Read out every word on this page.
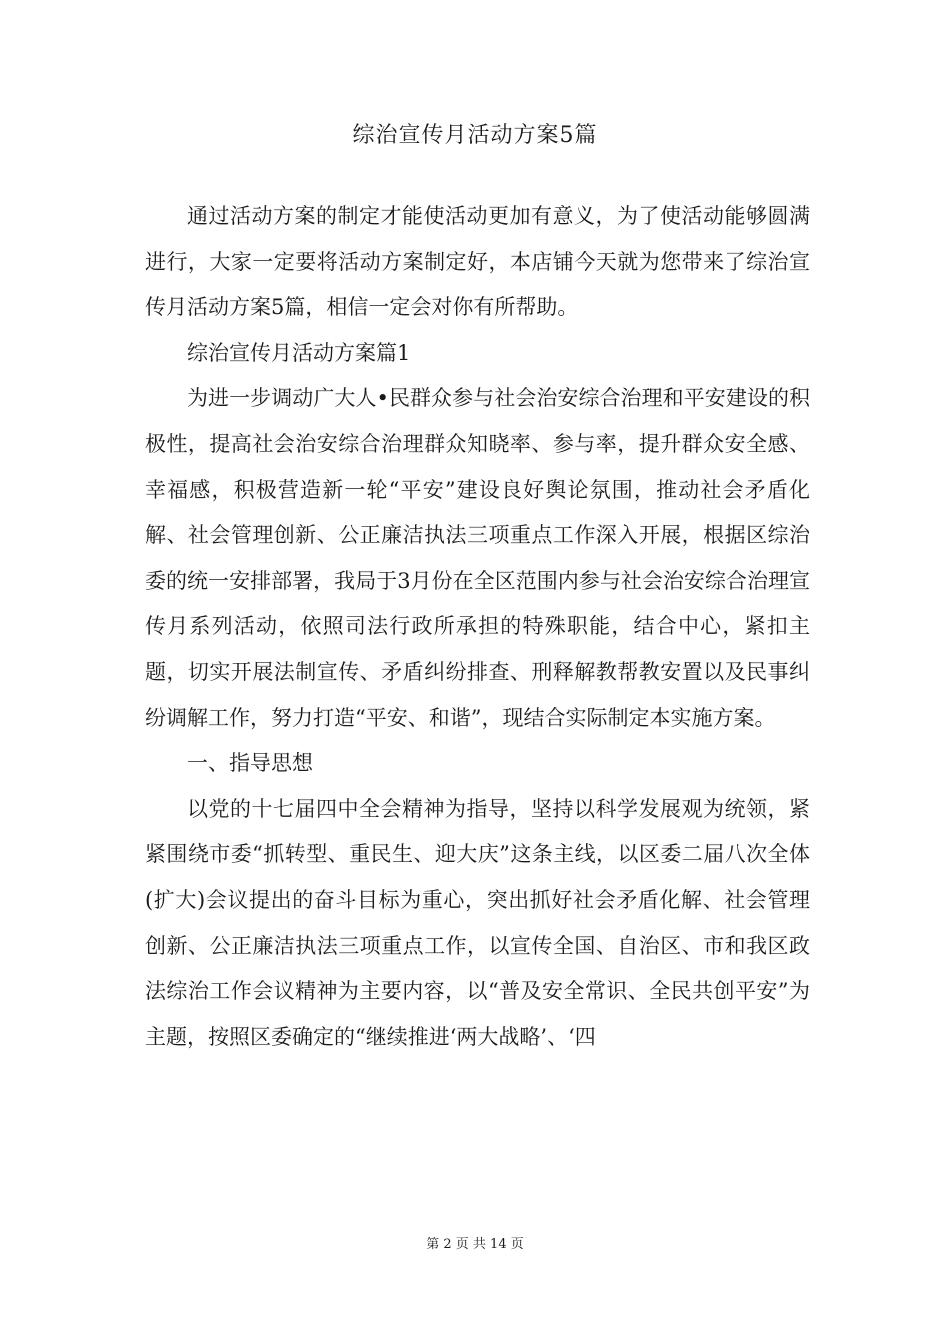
综治宣传月活动方案5篇

通过活动方案的制定才能使活动更加有意义，为了使活动能够圆满进行，大家一定要将活动方案制定好，本店铺今天就为您带来了综治宣传月活动方案5篇，相信一定会对你有所帮助。

综治宣传月活动方案篇1

为进一步调动广大人•民群众参与社会治安综合治理和平安建设的积极性，提高社会治安综合治理群众知晓率、参与率，提升群众安全感、幸福感，积极营造新一轮“平安”建设良好舆论氛围，推动社会矛盾化解、社会管理创新、公正廉洁执法三项重点工作深入开展，根据区综治委的统一安排部署，我局于3月份在全区范围内参与社会治安综合治理宣传月系列活动，依照司法行政所承担的特殊职能，结合中心，紧扣主题，切实开展法制宣传、矛盾纠纷排查、刑释解教帮教安置以及民事纠纷调解工作，努力打造“平安、和谐”，现结合实际制定本实施方案。

一、指导思想

以党的十七届四中全会精神为指导，坚持以科学发展观为统领，紧紧围绕市委“抓转型、重民生、迎大庆”这条主线，以区委二届八次全体(扩大)会议提出的奋斗目标为重心，突出抓好社会矛盾化解、社会管理创新、公正廉洁执法三项重点工作，以宣传全国、自治区、市和我区政法综治工作会议精神为主要内容，以“普及安全常识、全民共创平安”为主题，按照区委确定的“继续推进‘两大战略’、‘四

第 2 页 共 14 页
